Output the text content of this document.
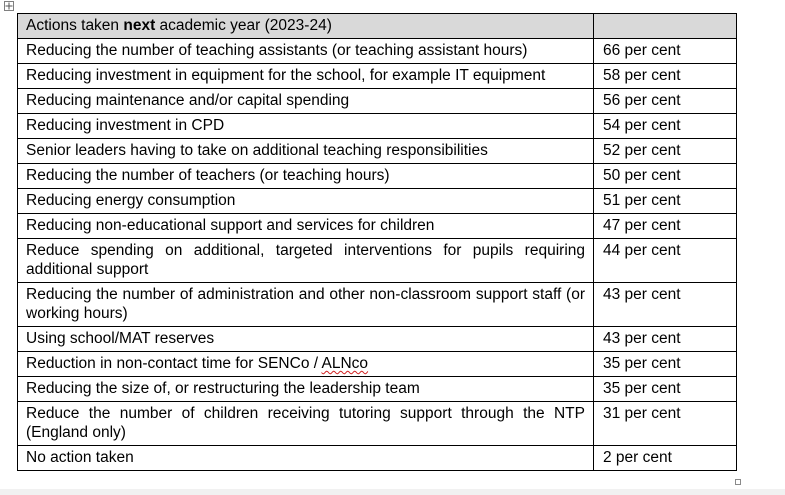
Actions taken next academic year (2023-24)	
Reducing the number of teaching assistants (or teaching assistant hours)	66 per cent
Reducing investment in equipment for the school, for example IT equipment	58 per cent
Reducing maintenance and/or capital spending	56 per cent
Reducing investment in CPD	54 per cent
Senior leaders having to take on additional teaching responsibilities	52 per cent
Reducing the number of teachers (or teaching hours)	50 per cent
Reducing energy consumption	51 per cent
Reducing non-educational support and services for children	47 per cent
Reduce spending on additional, targeted interventions for pupils requiring additional support	44 per cent
Reducing the number of administration and other non-classroom support staff (or working hours)	43 per cent
Using school/MAT reserves	43 per cent
Reduction in non-contact time for SENCo / ALNco	35 per cent
Reducing the size of, or restructuring the leadership team	35 per cent
Reduce the number of children receiving tutoring support through the NTP (England only)	31 per cent
No action taken	2 per cent
